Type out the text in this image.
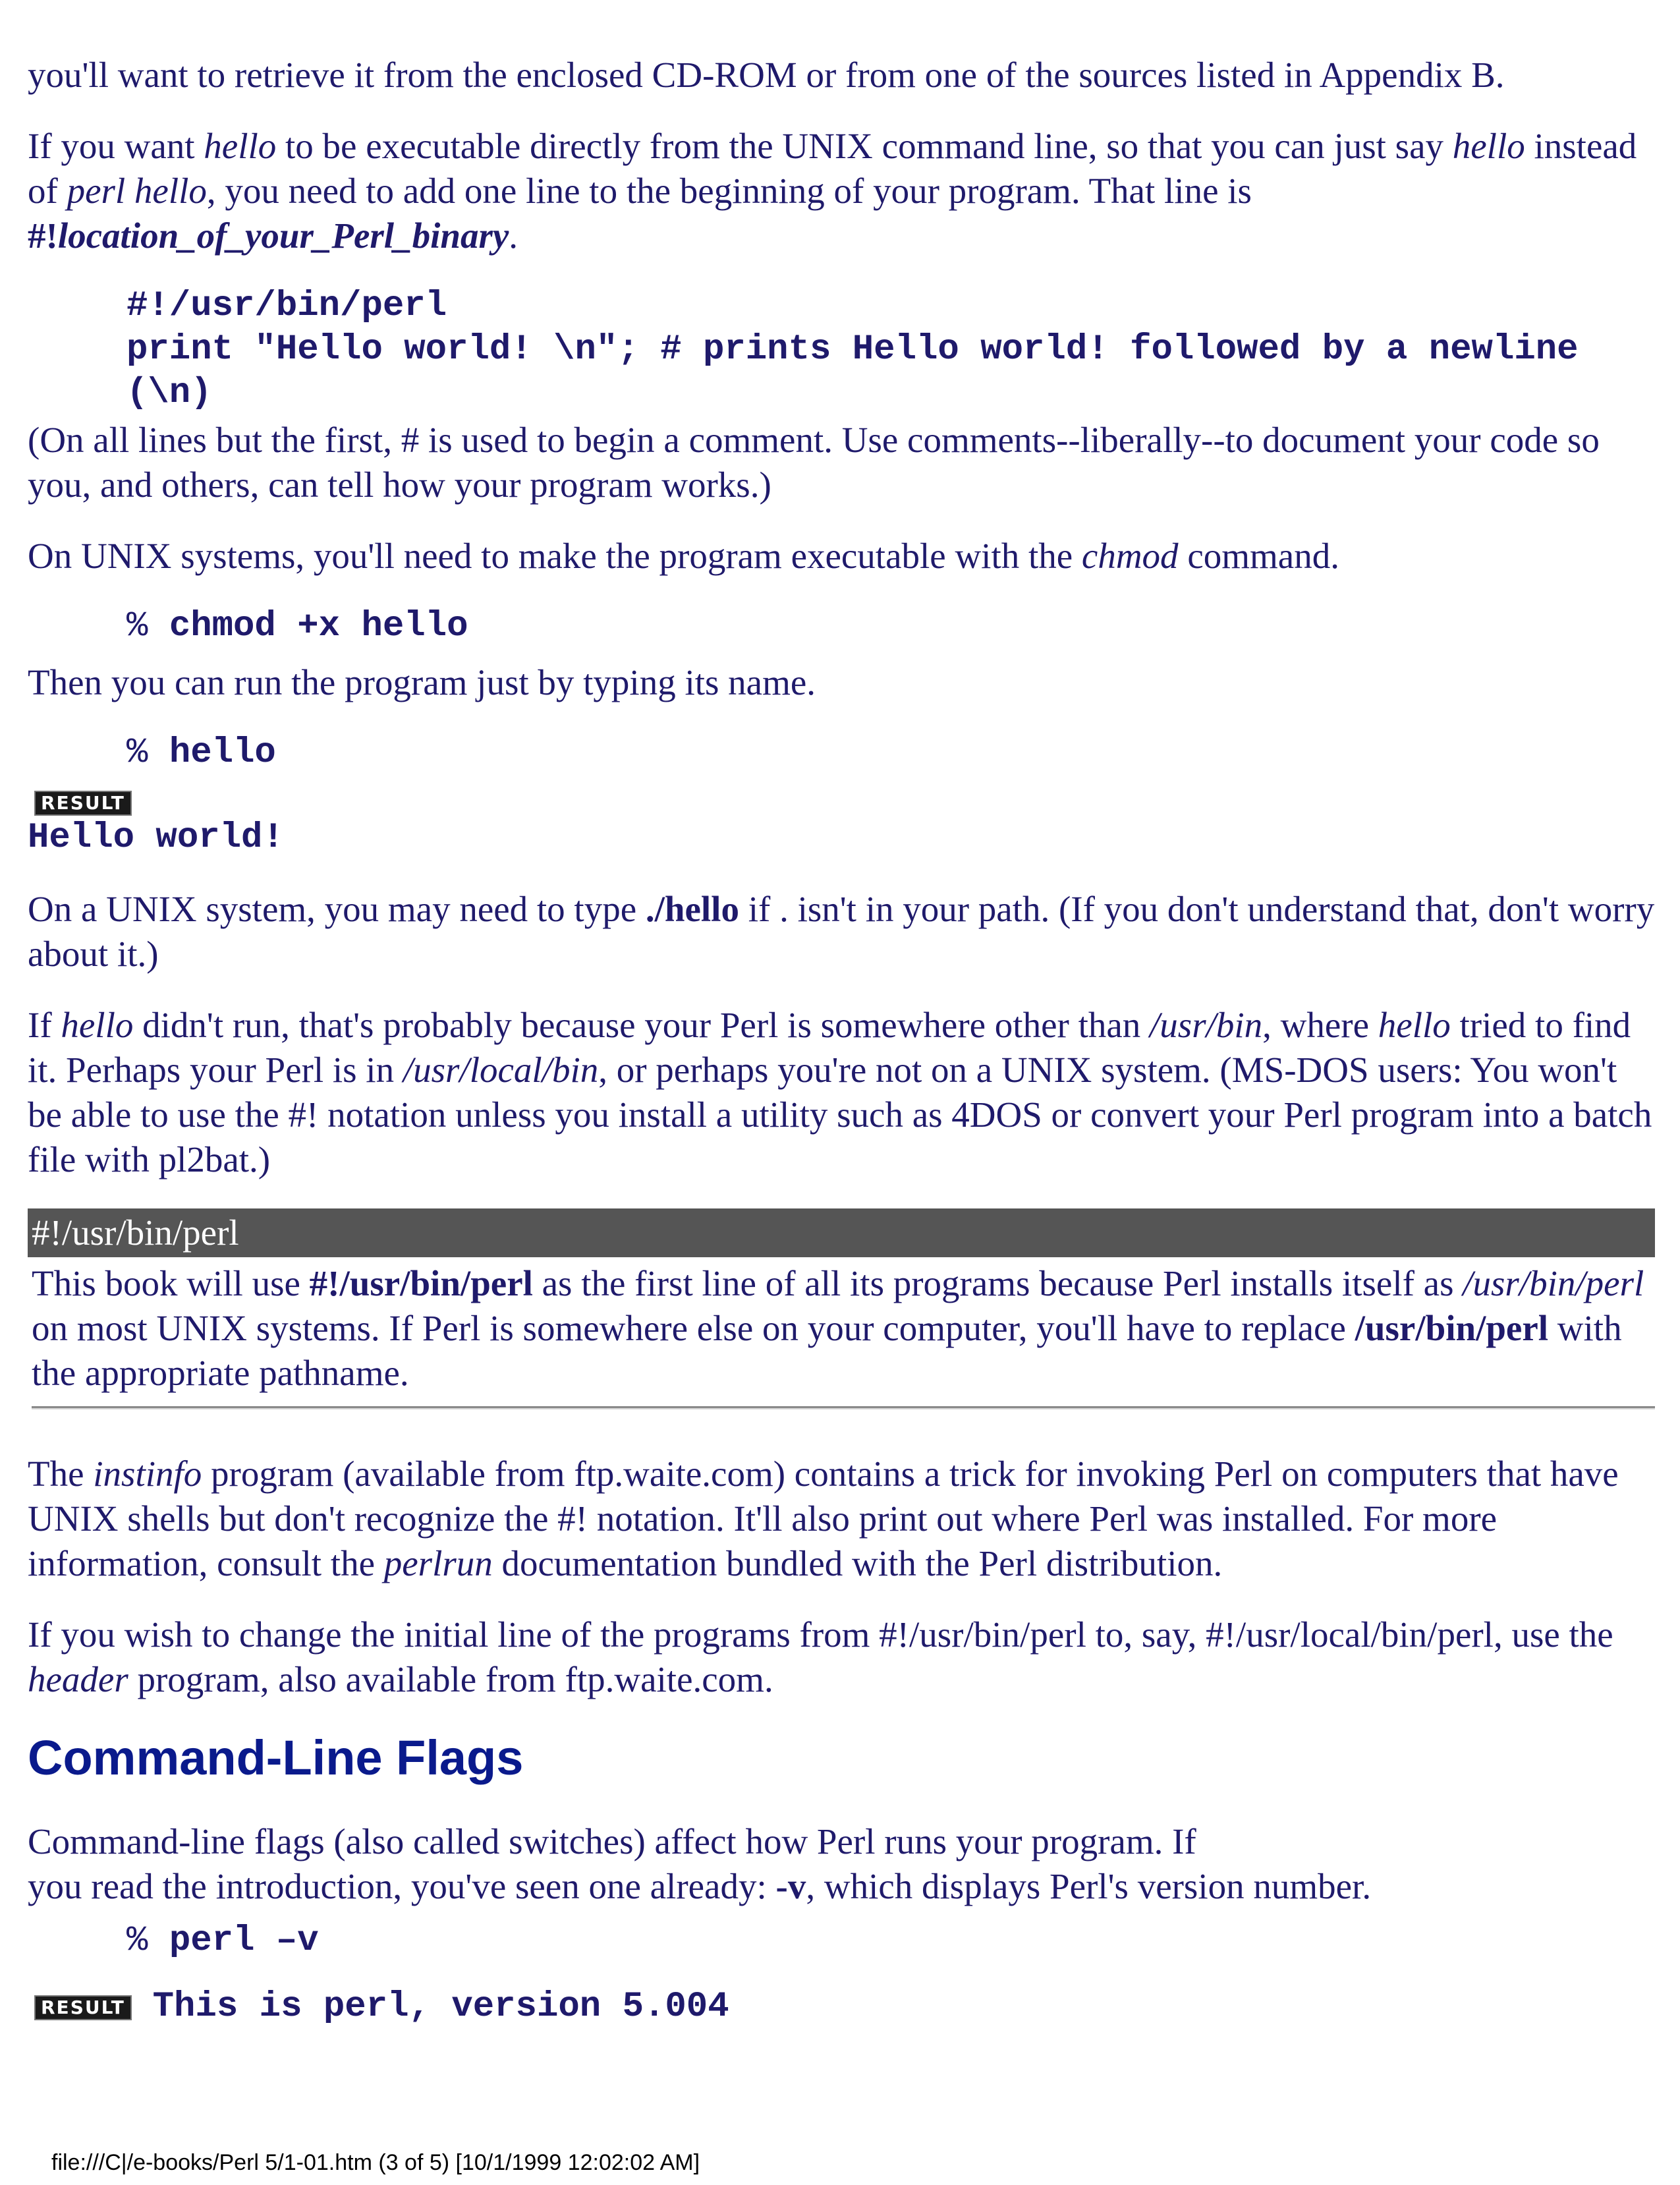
you'll want to retrieve it from the enclosed CD-ROM or from one of the sources listed in Appendix B.

If you want hello to be executable directly from the UNIX command line, so that you can just say hello instead of perl hello, you need to add one line to the beginning of your program. That line is #!location_of_your_Perl_binary.

#!/usr/bin/perl
print "Hello world! \n"; # prints Hello world! followed by a newline (\n)

(On all lines but the first, # is used to begin a comment. Use comments--liberally--to document your code so you, and others, can tell how your program works.)

On UNIX systems, you'll need to make the program executable with the chmod command.

% chmod +x hello

Then you can run the program just by typing its name.

% hello
RESULT
Hello world!

On a UNIX system, you may need to type ./hello if . isn't in your path. (If you don't understand that, don't worry about it.)

If hello didn't run, that's probably because your Perl is somewhere other than /usr/bin, where hello tried to find it. Perhaps your Perl is in /usr/local/bin, or perhaps you're not on a UNIX system. (MS-DOS users: You won't be able to use the #! notation unless you install a utility such as 4DOS or convert your Perl program into a batch file with pl2bat.)

#!/usr/bin/perl
This book will use #!/usr/bin/perl as the first line of all its programs because Perl installs itself as /usr/bin/perl on most UNIX systems. If Perl is somewhere else on your computer, you'll have to replace /usr/bin/perl with the appropriate pathname.

The instinfo program (available from ftp.waite.com) contains a trick for invoking Perl on computers that have UNIX shells but don't recognize the #! notation. It'll also print out where Perl was installed. For more information, consult the perlrun documentation bundled with the Perl distribution.

If you wish to change the initial line of the programs from #!/usr/bin/perl to, say, #!/usr/local/bin/perl, use the header program, also available from ftp.waite.com.

Command-Line Flags

Command-line flags (also called switches) affect how Perl runs your program. If
you read the introduction, you've seen one already: -v, which displays Perl's version number.

% perl –v
RESULT This is perl, version 5.004
file:///C|/e-books/Perl 5/1-01.htm (3 of 5) [10/1/1999 12:02:02 AM]
